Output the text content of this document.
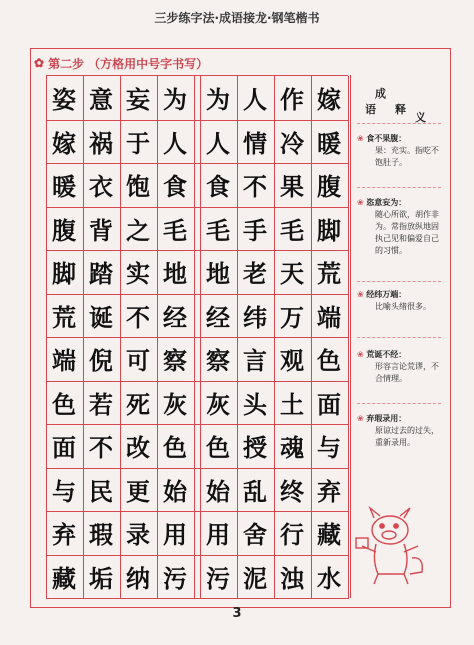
三步练字法·成语接龙·钢笔楷书
✿ 第二步 （方格用中号字书写）
姿 意 妄 为 为 人 作 嫁
嫁 祸 于 人 人 情 冷 暖
暖 衣 饱 食 食 不 果 腹
腹 背 之 毛 毛 手 毛 脚
脚 踏 实 地 地 老 天 荒
荒 诞 不 经 经 纬 万 端
端 倪 可 察 察 言 观 色
色 若 死 灰 灰 头 土 面
面 不 改 色 色 授 魂 与
与 民 更 始 始 乱 终 弃
弃 瑕 录 用 用 舍 行 藏
藏 垢 纳 污 污 泥 浊 水
成
语 释
义
❀ 食不果腹：
果：充实。指吃不饱肚子。
❀ 恣意妄为：
随心所欲，胡作非为。常指放纵地固执己见和偏爱自己的习惯。
❀ 经纬万端：
比喻头绪很多。
❀ 荒诞不经：
形容言论荒谬，不合情理。
❀ 弃瑕录用：
原谅过去的过失，重新录用。
3
